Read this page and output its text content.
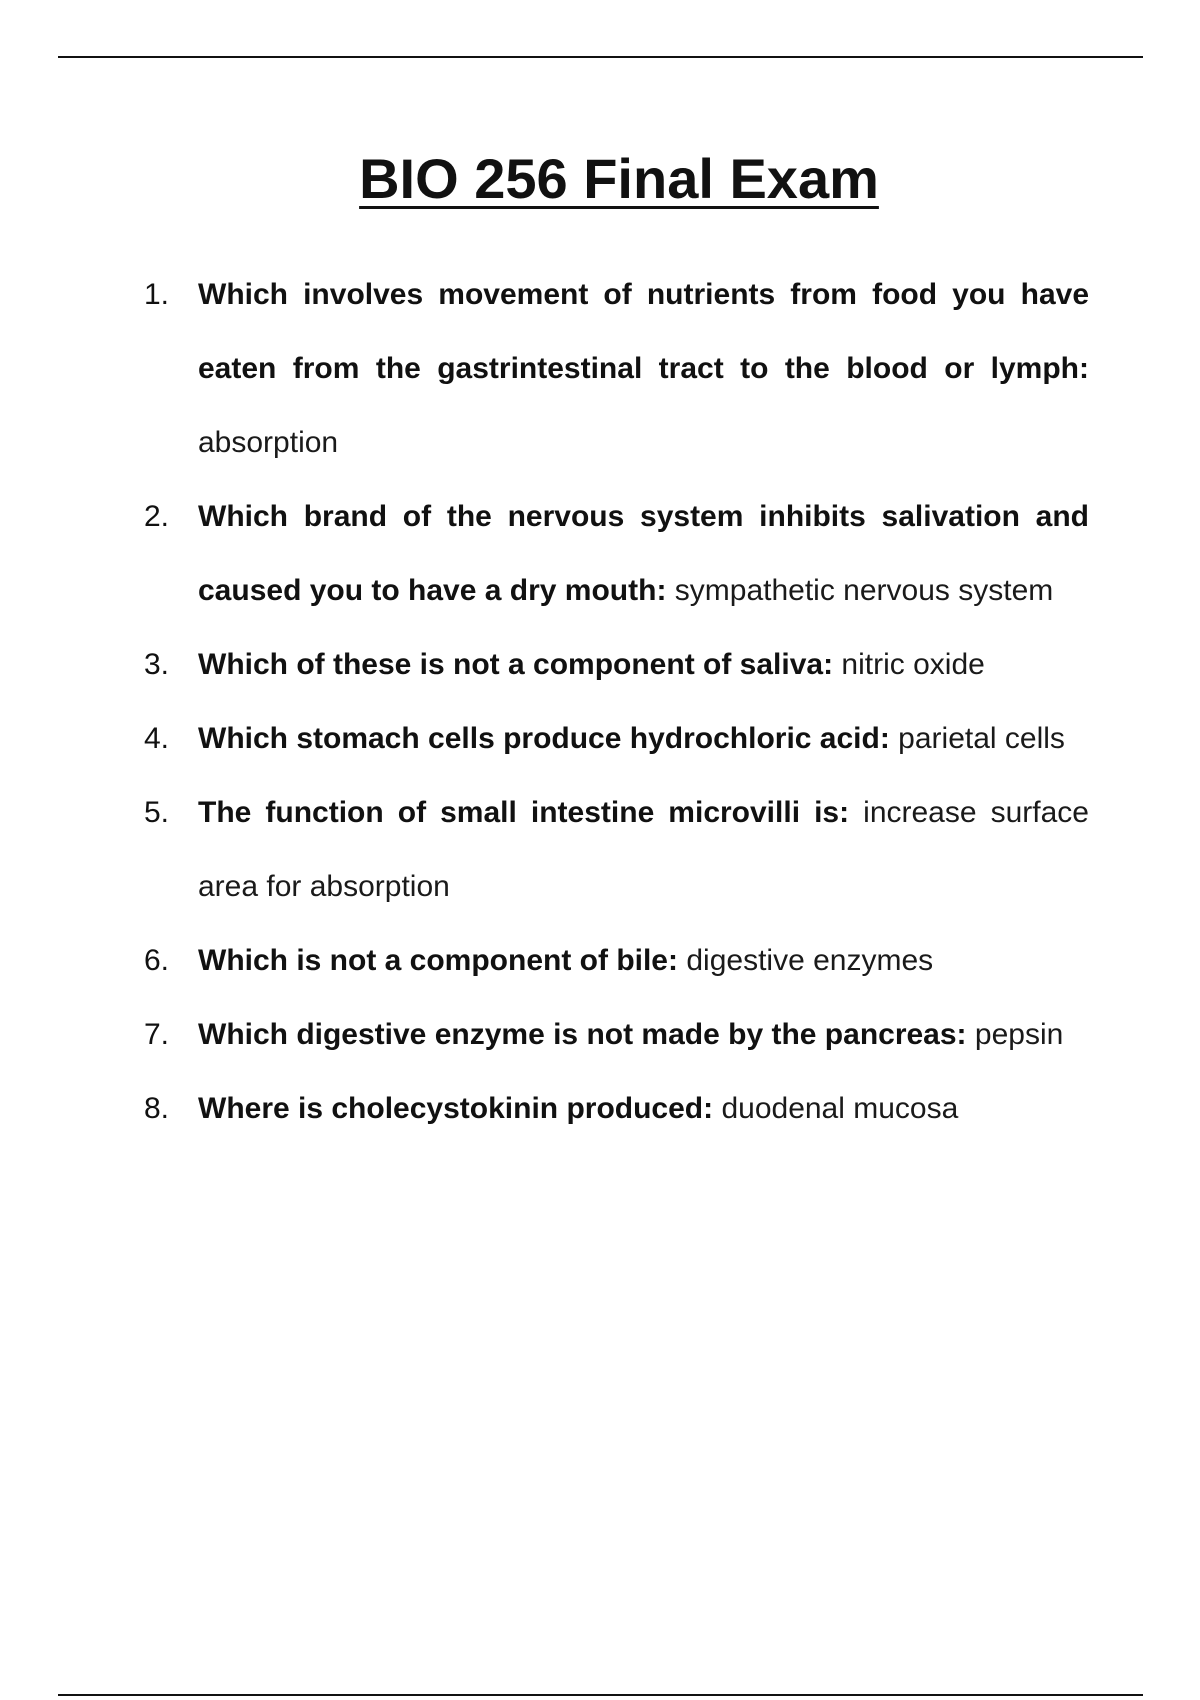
BIO 256 Final Exam
1. Which involves movement of nutrients from food you have eaten from the gastrintestinal tract to the blood or lymph: absorption
2. Which brand of the nervous system inhibits salivation and caused you to have a dry mouth: sympathetic nervous system
3. Which of these is not a component of saliva: nitric oxide
4. Which stomach cells produce hydrochloric acid: parietal cells
5. The function of small intestine microvilli is: increase surface area for absorption
6. Which is not a component of bile: digestive enzymes
7. Which digestive enzyme is not made by the pancreas: pepsin
8. Where is cholecystokinin produced: duodenal mucosa
